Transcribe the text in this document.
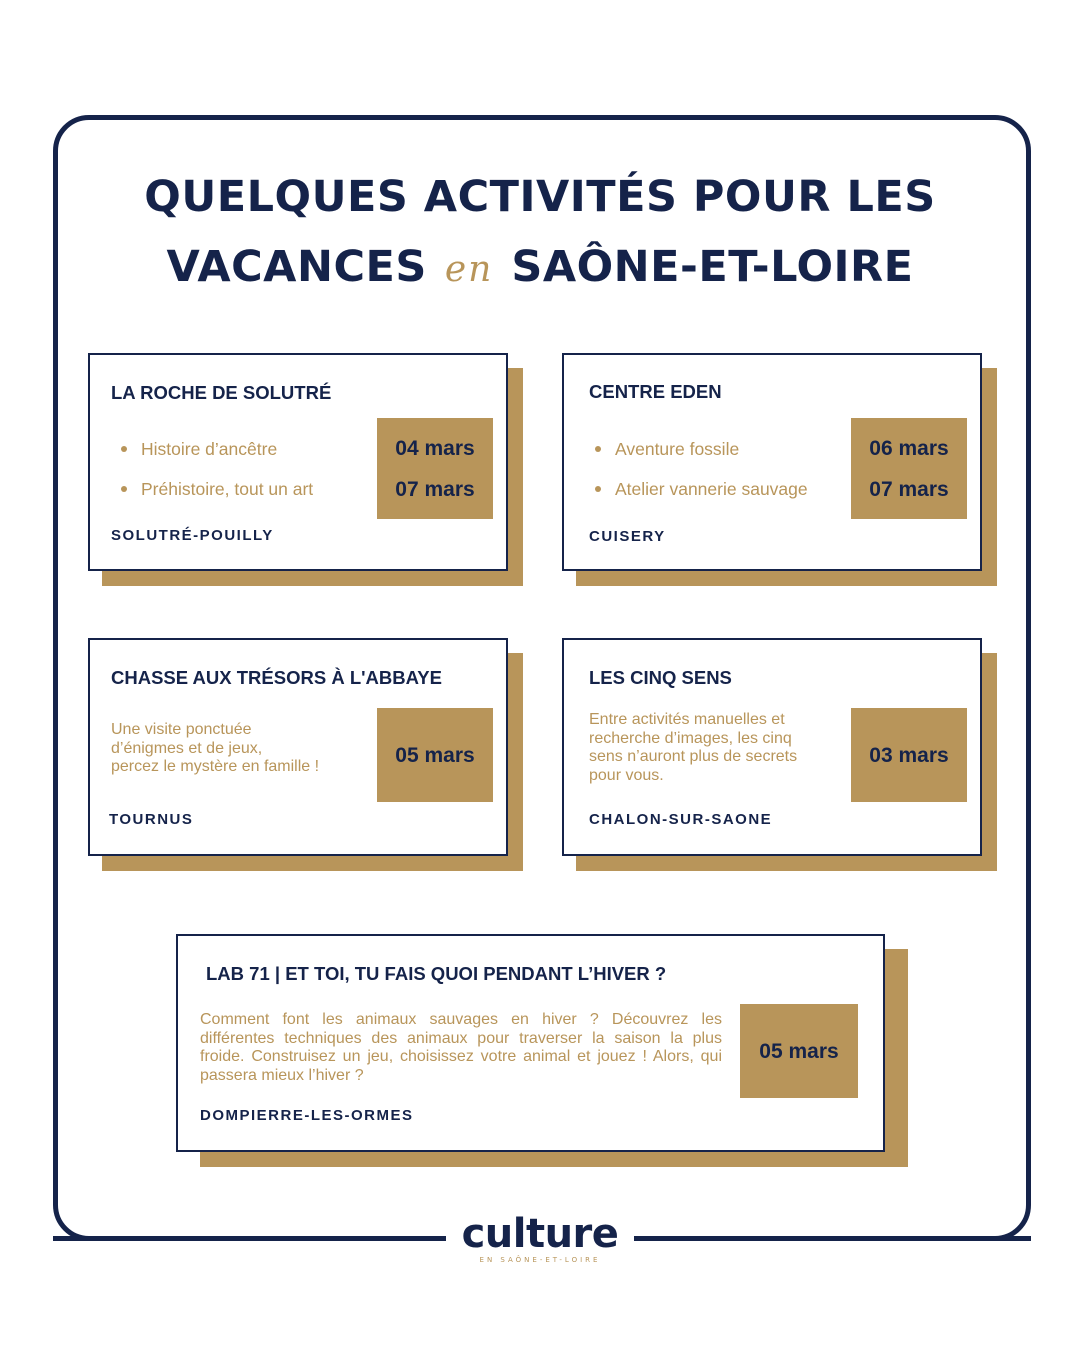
QUELQUES ACTIVITÉS POUR LES
VACANCES en SAÔNE-ET-LOIRE
LA ROCHE DE SOLUTRÉ
Histoire d’ancêtre
Préhistoire, tout un art
04 mars
07 mars
SOLUTRÉ-POUILLY
CENTRE EDEN
Aventure fossile
Atelier vannerie sauvage
06 mars
07 mars
CUISERY
CHASSE AUX TRÉSORS À L'ABBAYE
Une visite ponctuée
d’énigmes et de jeux,
percez le mystère en famille !	05 mars
TOURNUS
LES CINQ SENS
Entre activités manuelles et
recherche d’images, les cinq
sens n’auront plus de secrets
pour vous.
03 mars
CHALON-SUR-SAONE
LAB 71 | ET TOI, TU FAIS QUOI PENDANT L’HIVER ?
Comment font les animaux sauvages en hiver ? Découvrez les différentes techniques des animaux pour traverser la saison la plus froide. Construisez un jeu, choisissez votre animal et jouez ! Alors, qui passera mieux l’hiver ?
05 mars
DOMPIERRE-LES-ORMES
culture
EN SAÔNE-ET-LOIRE
